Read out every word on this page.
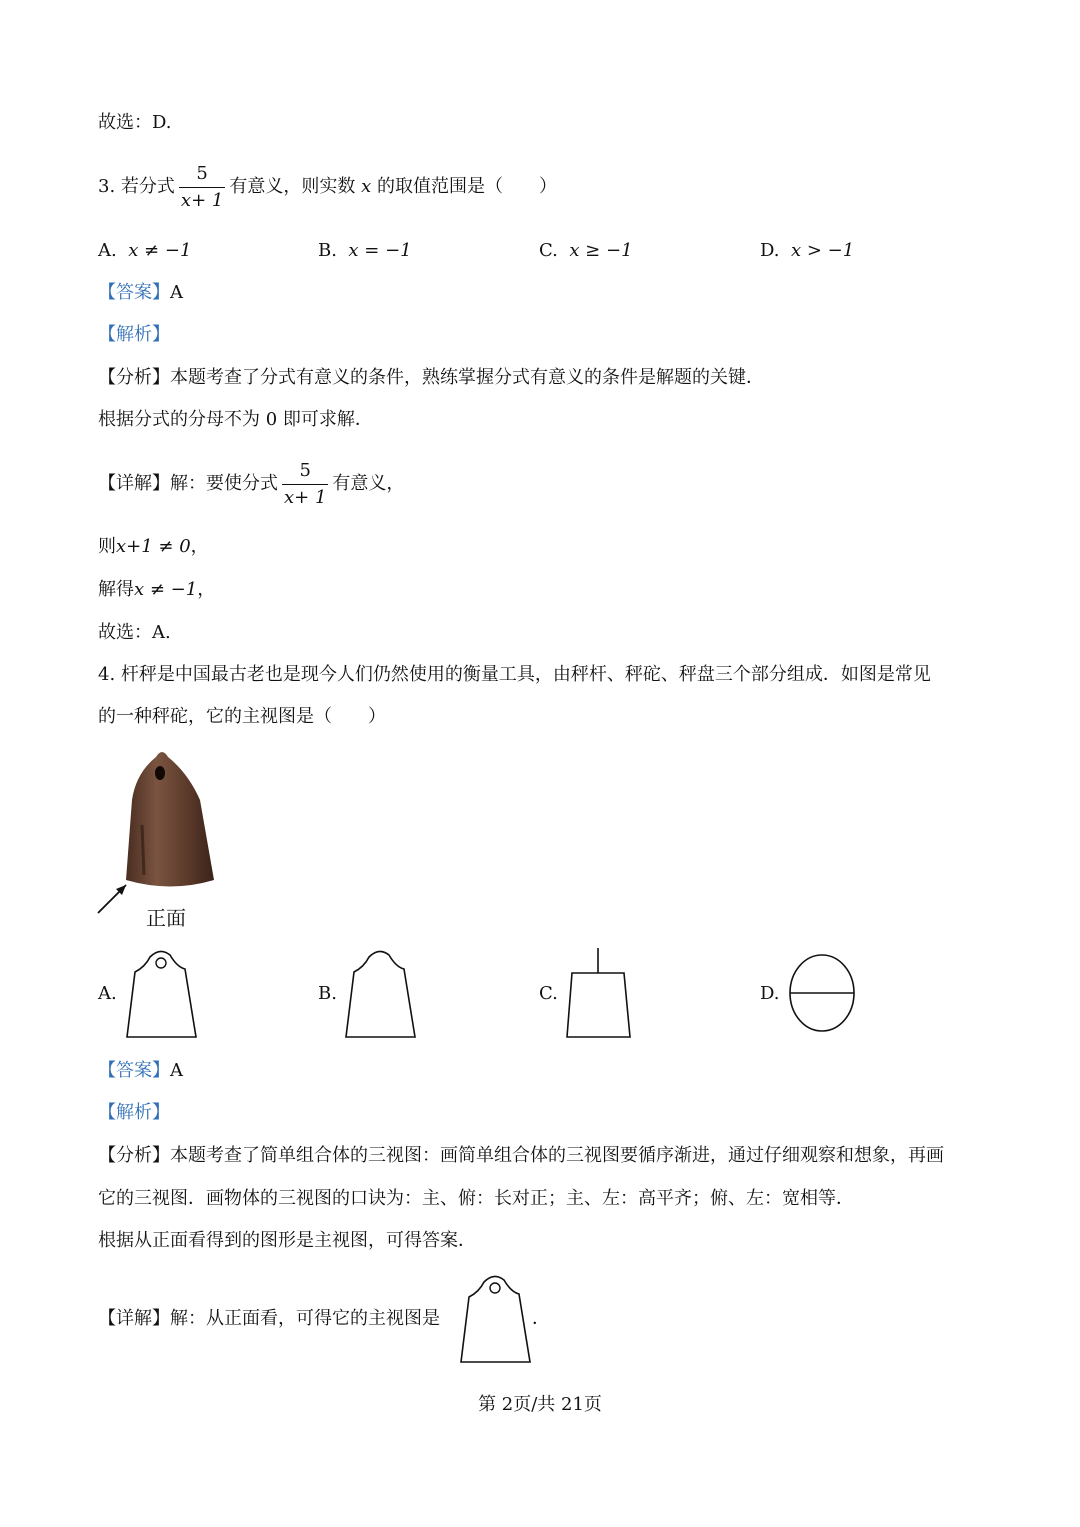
故选：D.
3. 若分式 $\frac{5}{x+ 1}$ 有意义，则实数 x 的取值范围是（　　）
A. x ≠ −1	B. x = −1	C. x ≥ −1	D. x > −1
【答案】A
【解析】
【分析】本题考查了分式有意义的条件，熟练掌握分式有意义的条件是解题的关键．
根据分式的分母不为 0 即可求解．
【详解】解：要使分式 $\frac{5}{x+ 1}$ 有意义，
则x+1 ≠ 0，
解得x ≠ −1，
故选：A.
4. 杆秤是中国最古老也是现今人们仍然使用的衡量工具，由秤杆、秤砣、秤盘三个部分组成．如图是常见
的一种秤砣，它的主视图是（　　）
正面
A.	B.	C.	D.
【答案】A
【解析】
【分析】本题考查了简单组合体的三视图：画简单组合体的三视图要循序渐进，通过仔细观察和想象，再画
它的三视图．画物体的三视图的口诀为：主、俯：长对正；主、左：高平齐；俯、左：宽相等．
根据从正面看得到的图形是主视图，可得答案．
【详解】解：从正面看，可得它的主视图是	．
第 2页/共 21页
